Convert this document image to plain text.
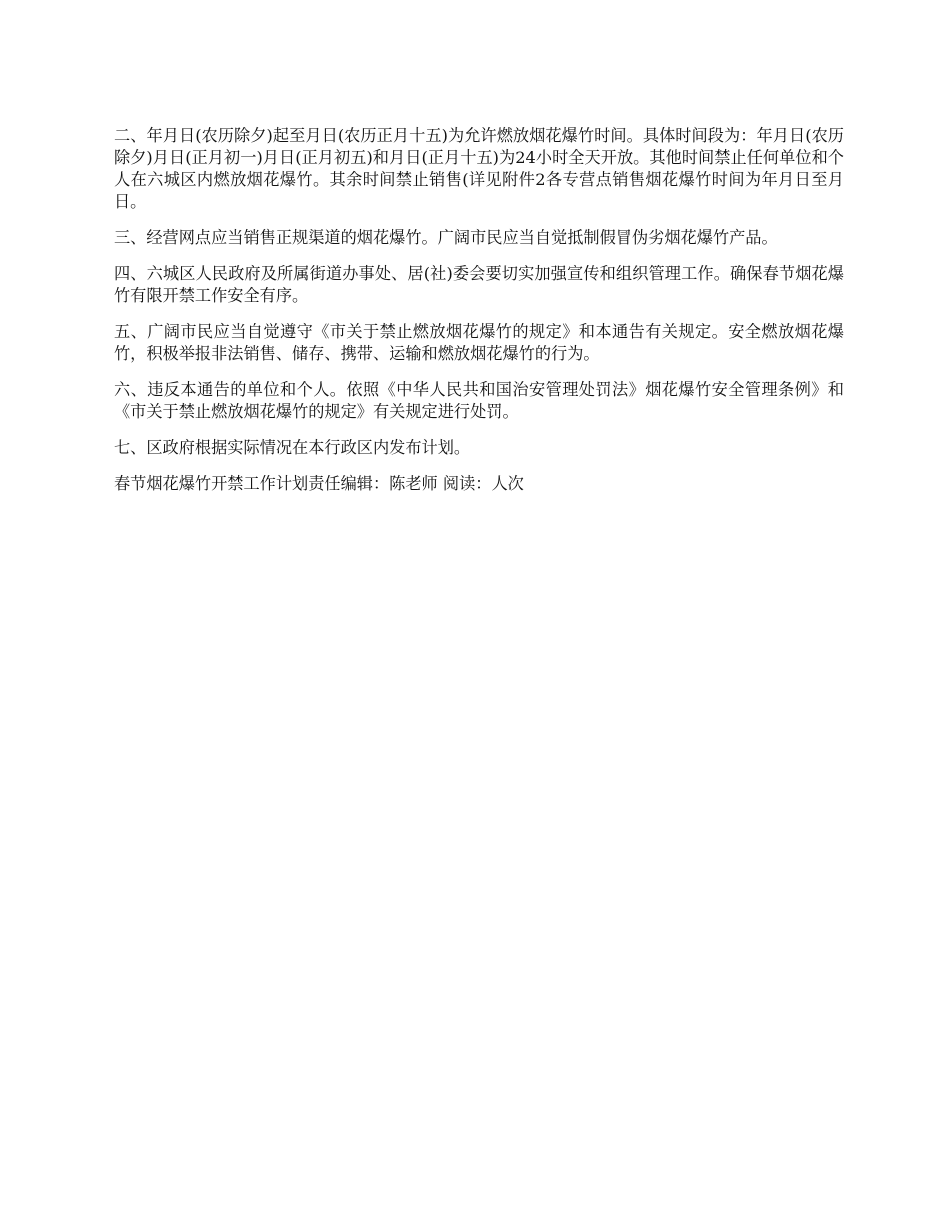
二、年月日(农历除夕)起至月日(农历正月十五)为允许燃放烟花爆竹时间。具体时间段为：年月日(农历除夕)月日(正月初一)月日(正月初五)和月日(正月十五)为24小时全天开放。其他时间禁止任何单位和个人在六城区内燃放烟花爆竹。其余时间禁止销售(详见附件2各专营点销售烟花爆竹时间为年月日至月日。

三、经营网点应当销售正规渠道的烟花爆竹。广阔市民应当自觉抵制假冒伪劣烟花爆竹产品。

四、六城区人民政府及所属街道办事处、居(社)委会要切实加强宣传和组织管理工作。确保春节烟花爆竹有限开禁工作安全有序。

五、广阔市民应当自觉遵守《市关于禁止燃放烟花爆竹的规定》和本通告有关规定。安全燃放烟花爆竹，积极举报非法销售、储存、携带、运输和燃放烟花爆竹的行为。

六、违反本通告的单位和个人。依照《中华人民共和国治安管理处罚法》烟花爆竹安全管理条例》和《市关于禁止燃放烟花爆竹的规定》有关规定进行处罚。

七、区政府根据实际情况在本行政区内发布计划。

春节烟花爆竹开禁工作计划责任编辑：陈老师 阅读：人次
